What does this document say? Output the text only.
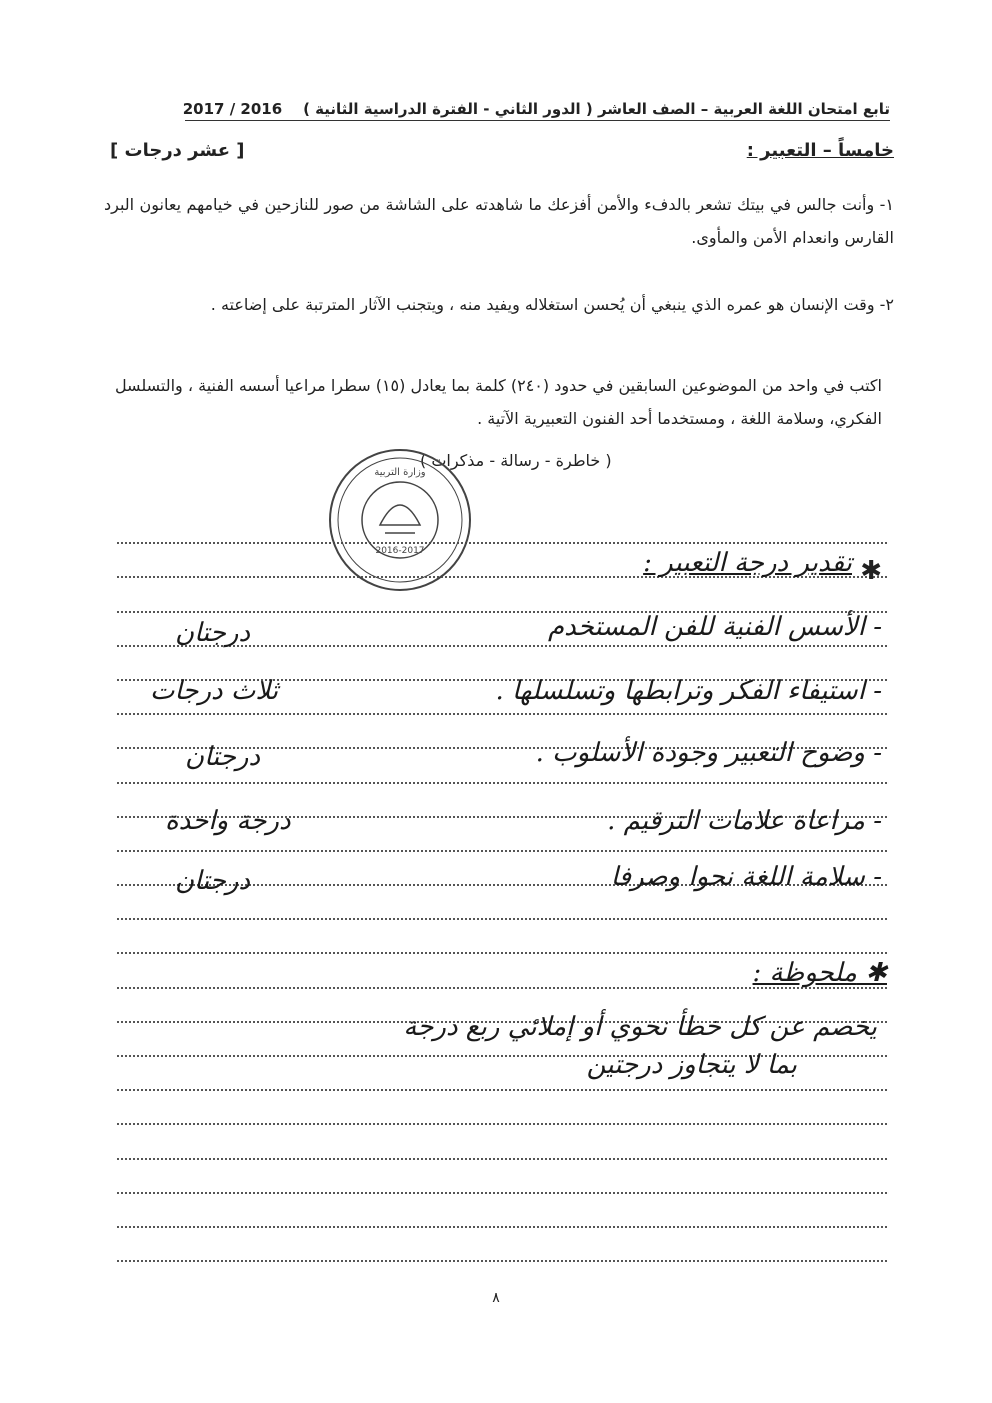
تابع امتحان اللغة العربية – الصف العاشر ( الدور الثاني - الفترة الدراسية الثانية )    2016 / 2017
خامساً – التعبير :
[ عشر درجات ]
١- وأنت جالس في بيتك تشعر بالدفء والأمن أفزعك ما شاهدته على الشاشة من صور للنازحين في خيامهم يعانون البرد القارس وانعدام الأمن والمأوى.
٢- وقت الإنسان هو عمره الذي ينبغي أن يُحسن استغلاله ويفيد منه ، ويتجنب الآثار المترتبة على إضاعته .
اكتب في واحد من الموضوعين السابقين في حدود (٢٤٠) كلمة بما يعادل (١٥) سطرا مراعيا أسسه الفنية ، والتسلسل الفكري، وسلامة اللغة ، ومستخدما أحد الفنون التعبيرية الآتية .
( خاطرة - رسالة - مذكرات )
وزارة التربية
2016-2017
✱
تقدير درجة التعبير :
- الأسس الفنية للفن المستخدم
درجتان
- استيفاء الفكر وترابطها وتسلسلها .
ثلاث درجات
- وضوح التعبير وجودة الأسلوب .
درجتان
- مراعاة علامات الترقيم .
درجة واحدة
- سلامة اللغة نحوا وصرفا
درجتان
✱ ملحوظة :
يخصم عن كل خطأ نحوي أو إملائي ربع درجة
بما لا يتجاوز درجتين
٨
